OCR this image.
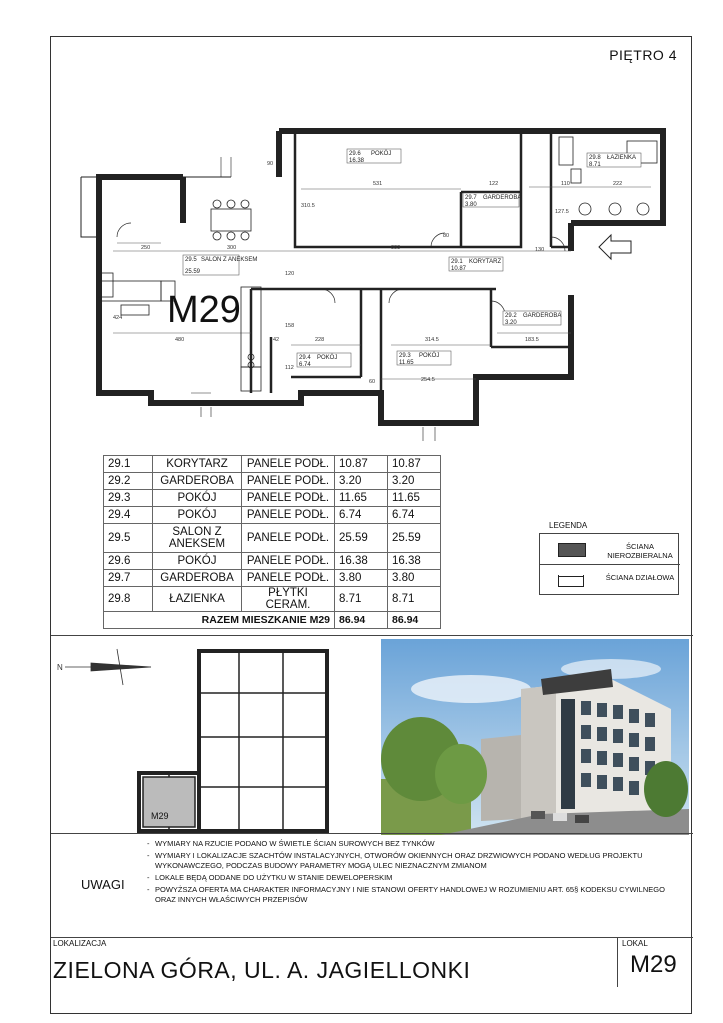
PIĘTRO 4
29.6 POKÓJ
16.38
29.7 GARDEROBA
3.80
29.8 ŁAZIENKA
8.71
29.5 SALON Z ANEKSEM
25.59
29.1 KORYTARZ
10.87
29.2 GARDEROBA
3.20
29.4 POKÓJ
6.74
29.3 POKÓJ
11.65
531	122	110	222
883
300
250
228	314.5	183.5
254.5
480
310.5
127.5
120
158
112
60
42
424
90
80
130
M29
29.1	KORYTARZ	PANELE PODŁ.	10.87	10.87
29.2	GARDEROBA	PANELE PODŁ.	3.20	3.20
29.3	POKÓJ	PANELE PODŁ.	11.65	11.65
29.4	POKÓJ	PANELE PODŁ.	6.74	6.74
29.5	SALON Z ANEKSEM	PANELE PODŁ.	25.59	25.59
29.6	POKÓJ	PANELE PODŁ.	16.38	16.38
29.7	GARDEROBA	PANELE PODŁ.	3.80	3.80
29.8	ŁAZIENKA	PŁYTKI CERAM.	8.71	8.71
RAZEM MIESZKANIE M29			86.94	86.94
LEGENDA
ŚCIANA NIEROZBIERALNA
ŚCIANA DZIAŁOWA
N
M29
UWAGI
- WYMIARY NA RZUCIE PODANO W ŚWIETLE ŚCIAN SUROWYCH BEZ TYNKÓW
- WYMIARY I LOKALIZACJE SZACHTÓW INSTALACYJNYCH, OTWORÓW OKIENNYCH ORAZ DRZWIOWYCH PODANO WEDŁUG PROJEKTU WYKONAWCZEGO, PODCZAS BUDOWY PARAMETRY MOGĄ ULEC NIEZNACZNYM ZMIANOM
- LOKALE BĘDĄ ODDANE DO UŻYTKU W STANIE DEWELOPERSKIM
- POWYŻSZA OFERTA MA CHARAKTER INFORMACYJNY I NIE STANOWI OFERTY HANDLOWEJ W ROZUMIENIU ART. 65§ KODEKSU CYWILNEGO ORAZ INNYCH WŁAŚCIWYCH PRZEPISÓW
LOKALIZACJA
ZIELONA GÓRA, UL. A. JAGIELLONKI
LOKAL
M29
